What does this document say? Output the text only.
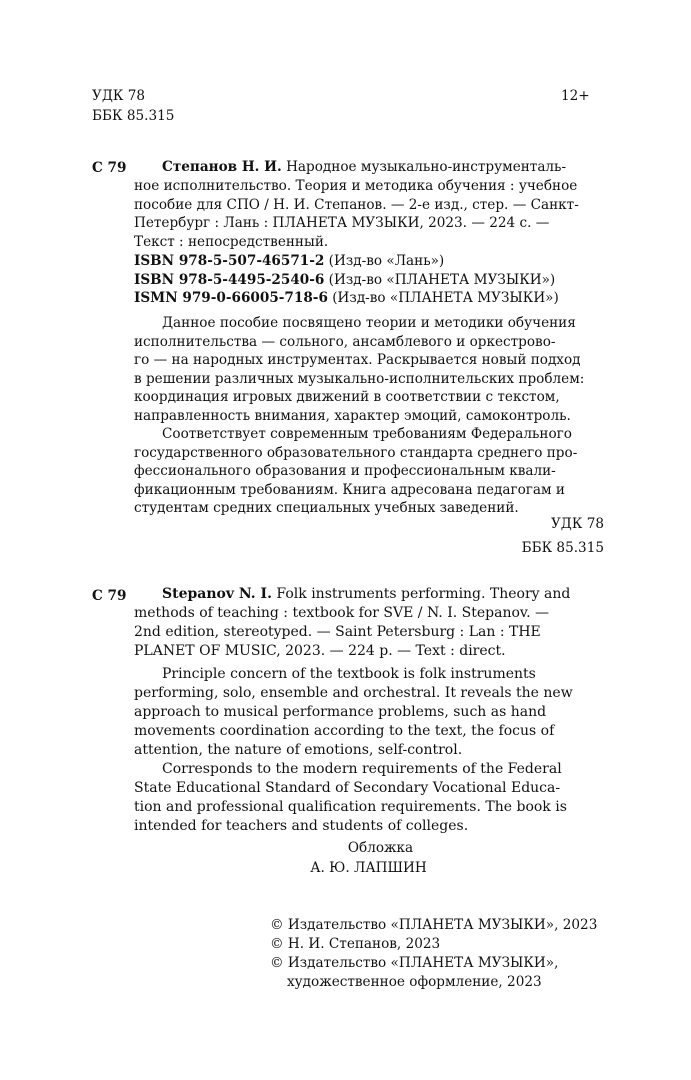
УДК 78
ББК 85.315
12+
С 79	Степанов Н. И. Народное музыкально-инструменталь-

ное исполнительство. Теория и методика обучения : учебное

пособие для СПО / Н. И. Степанов. — 2-е изд., стер. — Санкт-

Петербург : Лань : ПЛАНЕТА МУЗЫКИ, 2023. — 224 с. —

Текст : непосредственный.

ISBN 978-5-507-46571-2 (Изд-во «Лань»)

ISBN 978-5-4495-2540-6 (Изд-во «ПЛАНЕТА МУЗЫКИ»)

ISMN 979-0-66005-718-6 (Изд-во «ПЛАНЕТА МУЗЫКИ»)

Данное пособие посвящено теории и методики обучения

исполнительства — сольного, ансамблевого и оркестрово-

го — на народных инструментах. Раскрывается новый подход

в решении различных музыкально-исполнительских проблем:

координация игровых движений в соответствии с текстом,

направленность внимания, характер эмоций, самоконтроль.

Соответствует современным требованиям Федерального

государственного образовательного стандарта среднего про-

фессионального образования и профессиональным квали-

фикационным требованиям. Книга адресована педагогам и

студентам средних специальных учебных заведений.

УДК 78
ББК 85.315
С 79	Stepanov N. I. Folk instruments performing. Theory and

methods of teaching : textbook for SVE / N. I. Stepanov. —

2nd edition, stereotyped. — Saint Petersburg : Lan : THE

PLANET OF MUSIC, 2023. — 224 p. — Text : direct.

Principle concern of the textbook is folk instruments

performing, solo, ensemble and orchestral. It reveals the new

approach to musical performance problems, such as hand

movements coordination according to the text, the focus of

attention, the nature of emotions, self-control.

Corresponds to the modern requirements of the Federal

State Educational Standard of Secondary Vocational Educa-

tion and professional qualification requirements. The book is

intended for teachers and students of colleges.

Обложка
А. Ю. ЛАПШИН
© Издательство «ПЛАНЕТА МУЗЫКИ», 2023
© Н. И. Степанов, 2023
© Издательство «ПЛАНЕТА МУЗЫКИ»,
художественное оформление, 2023
